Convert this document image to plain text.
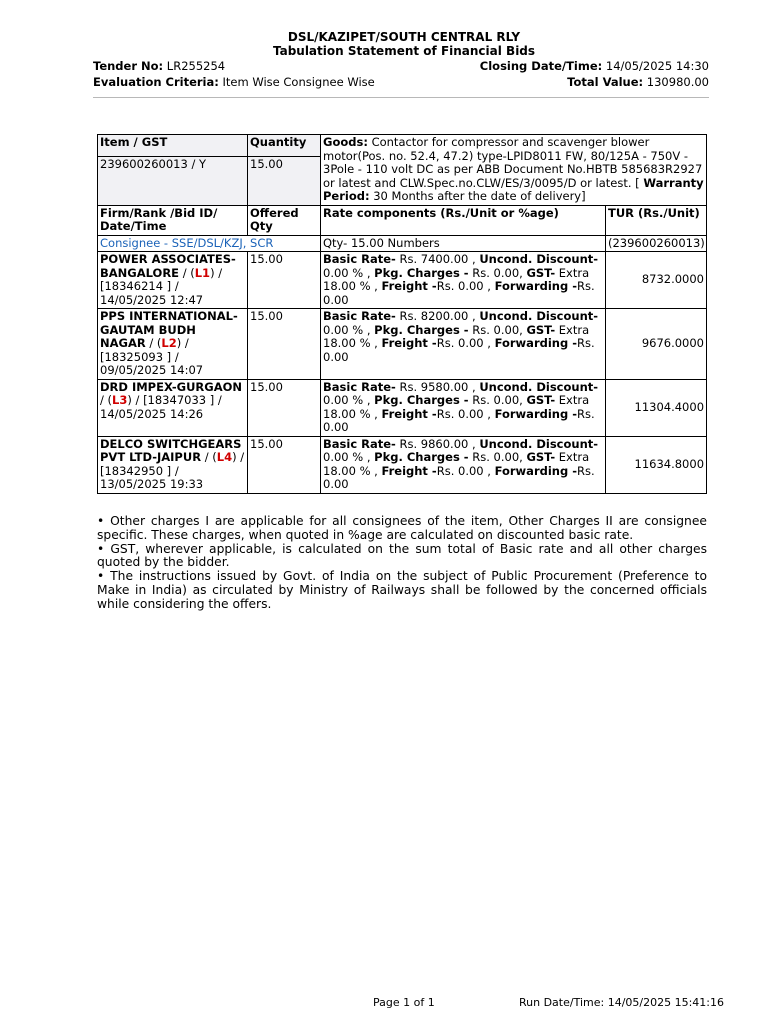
DSL/KAZIPET/SOUTH CENTRAL RLY
Tabulation Statement of Financial Bids
Tender No: LR255254	Closing Date/Time: 14/05/2025 14:30
Evaluation Criteria: Item Wise Consignee Wise	Total Value: 130980.00
Item / GST	Quantity	Goods: Contactor for compressor and scavenger blower motor(Pos. no. 52.4, 47.2) type-LPID8011 FW, 80/125A - 750V - 3Pole - 110 volt DC as per ABB Document No.HBTB 585683R2927 or latest and CLW.Spec.no.CLW/ES/3/0095/D or latest. [ Warranty Period: 30 Months after the date of delivery]	
239600260013 / Y	15.00		
Firm/Rank /Bid ID/ Date/Time	Offered Qty	Rate components (Rs./Unit or %age)	TUR (Rs./Unit)
Consignee - SSE/DSL/KZJ, SCR		Qty- 15.00 Numbers	(239600260013)
POWER ASSOCIATES-BANGALORE / (L1) / [18346214 ] / 14/05/2025 12:47	15.00	Basic Rate- Rs. 7400.00 , Uncond. Discount- 0.00 % , Pkg. Charges - Rs. 0.00, GST- Extra 18.00 % , Freight -Rs. 0.00 , Forwarding -Rs. 0.00	8732.0000
PPS INTERNATIONAL-GAUTAM BUDH NAGAR / (L2) / [18325093 ] / 09/05/2025 14:07	15.00	Basic Rate- Rs. 8200.00 , Uncond. Discount- 0.00 % , Pkg. Charges - Rs. 0.00, GST- Extra 18.00 % , Freight -Rs. 0.00 , Forwarding -Rs. 0.00	9676.0000
DRD IMPEX-GURGAON / (L3) / [18347033 ] / 14/05/2025 14:26	15.00	Basic Rate- Rs. 9580.00 , Uncond. Discount- 0.00 % , Pkg. Charges - Rs. 0.00, GST- Extra 18.00 % , Freight -Rs. 0.00 , Forwarding -Rs. 0.00	11304.4000
DELCO SWITCHGEARS PVT LTD-JAIPUR / (L4) / [18342950 ] / 13/05/2025 19:33	15.00	Basic Rate- Rs. 9860.00 , Uncond. Discount- 0.00 % , Pkg. Charges - Rs. 0.00, GST- Extra 18.00 % , Freight -Rs. 0.00 , Forwarding -Rs. 0.00	11634.8000

• Other charges I are applicable for all consignees of the item, Other Charges II are consignee specific. These charges, when quoted in %age are calculated on discounted basic rate.

• GST, wherever applicable, is calculated on the sum total of Basic rate and all other charges quoted by the bidder.

• The instructions issued by Govt. of India on the subject of Public Procurement (Preference to Make in India) as circulated by Ministry of Railways shall be followed by the concerned officials while considering the offers.

Page 1 of 1	Run Date/Time: 14/05/2025 15:41:16
